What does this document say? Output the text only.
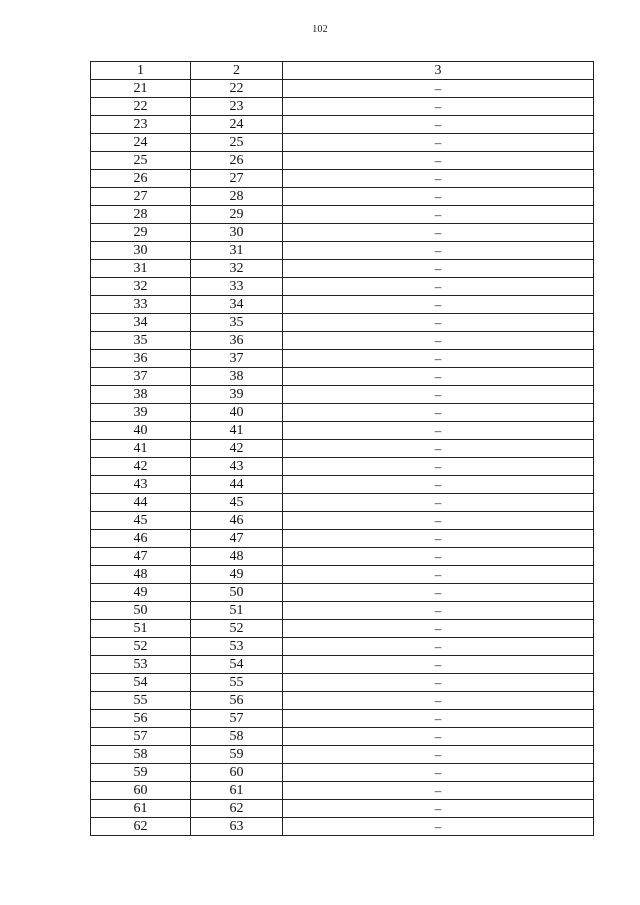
102
1	2	3
21	22	–
22	23	–
23	24	–
24	25	–
25	26	–
26	27	–
27	28	–
28	29	–
29	30	–
30	31	–
31	32	–
32	33	–
33	34	–
34	35	–
35	36	–
36	37	–
37	38	–
38	39	–
39	40	–
40	41	–
41	42	–
42	43	–
43	44	–
44	45	–
45	46	–
46	47	–
47	48	–
48	49	–
49	50	–
50	51	–
51	52	–
52	53	–
53	54	–
54	55	–
55	56	–
56	57	–
57	58	–
58	59	–
59	60	–
60	61	–
61	62	–
62	63	–
